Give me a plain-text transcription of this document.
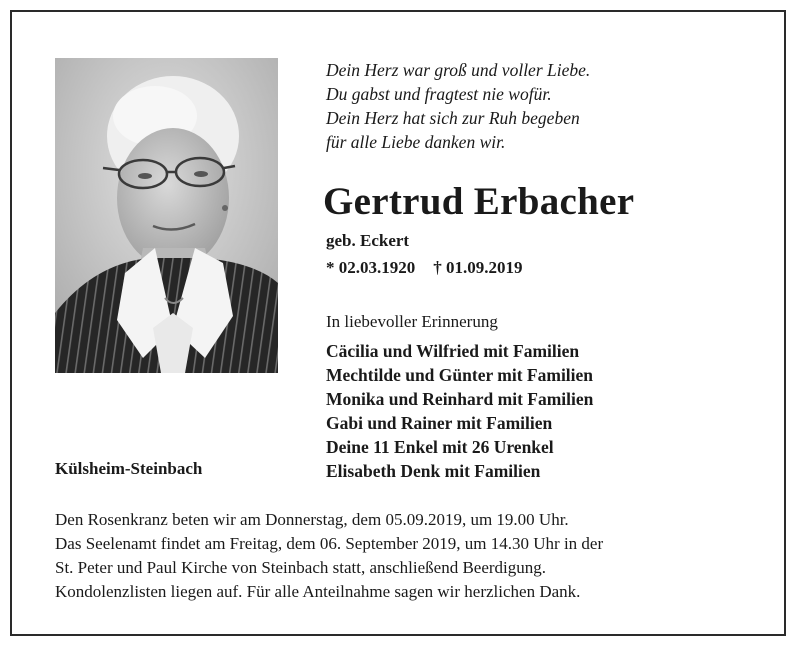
Dein Herz war groß und voller Liebe.
Du gabst und fragtest nie wofür.
Dein Herz hat sich zur Ruh begeben
für alle Liebe danken wir.
Gertrud Erbacher
geb. Eckert
* 02.03.1920 † 01.09.2019
In liebevoller Erinnerung
Cäcilia und Wilfried mit Familien
Mechtilde und Günter mit Familien
Monika und Reinhard mit Familien
Gabi und Rainer mit Familien
Deine 11 Enkel mit 26 Urenkel
Elisabeth Denk mit Familien
Külsheim-Steinbach
Den Rosenkranz beten wir am Donnerstag, dem 05.09.2019, um 19.00 Uhr.
Das Seelenamt findet am Freitag, dem 06. September 2019, um 14.30 Uhr in der
St. Peter und Paul Kirche von Steinbach statt, anschließend Beerdigung.
Kondolenzlisten liegen auf. Für alle Anteilnahme sagen wir herzlichen Dank.
